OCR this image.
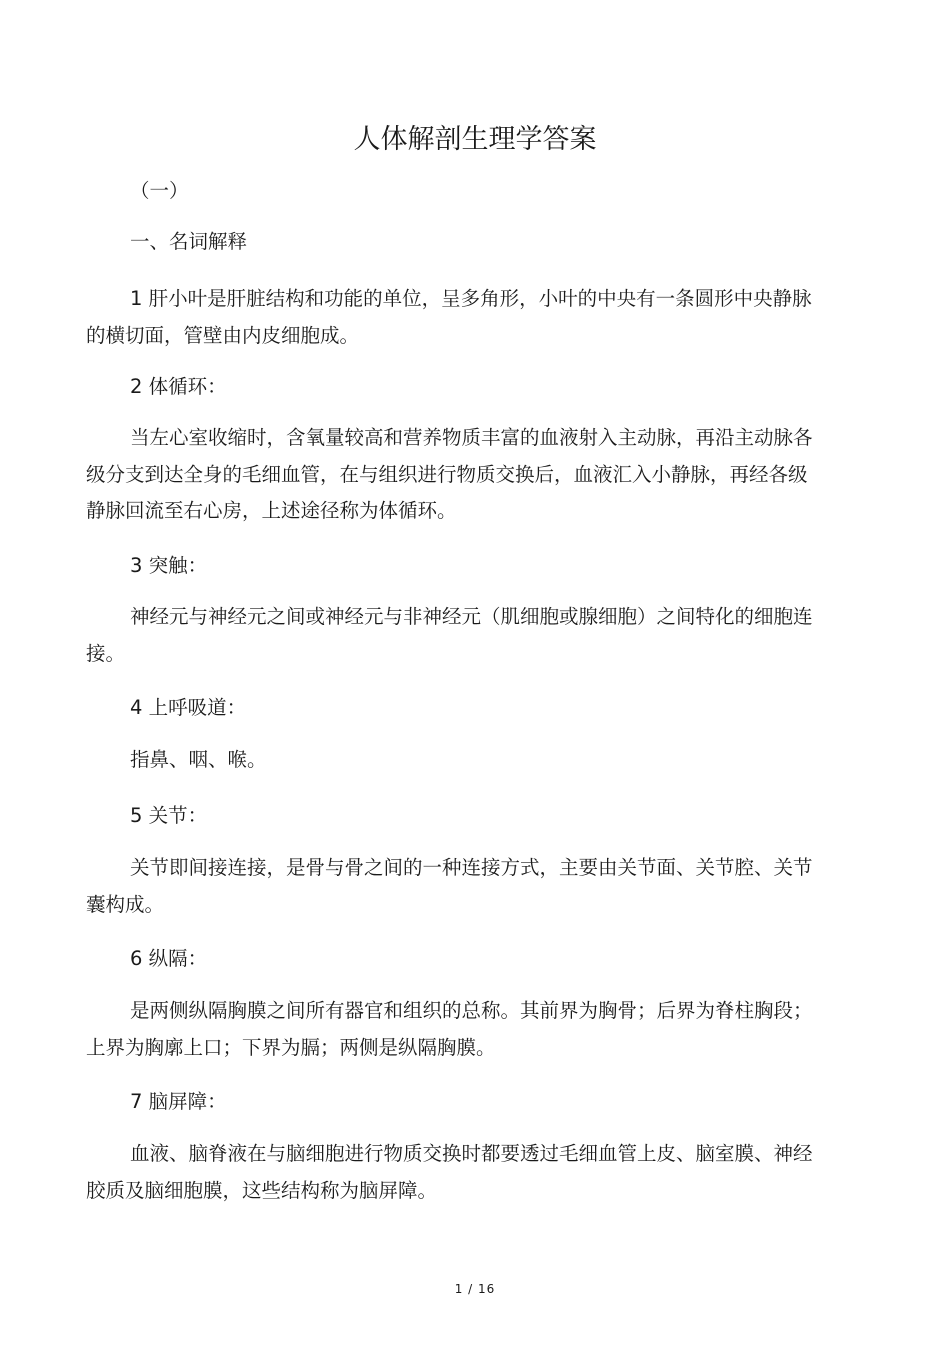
人体解剖生理学答案

（一）

一、名词解释

1 肝小叶是肝脏结构和功能的单位，呈多角形，小叶的中央有一条圆形中央静脉的横切面，管壁由内皮细胞成。

2 体循环：

当左心室收缩时，含氧量较高和营养物质丰富的血液射入主动脉，再沿主动脉各级分支到达全身的毛细血管，在与组织进行物质交换后，血液汇入小静脉，再经各级静脉回流至右心房，上述途径称为体循环。

3 突触：

神经元与神经元之间或神经元与非神经元（肌细胞或腺细胞）之间特化的细胞连接。

4 上呼吸道：

指鼻、咽、喉。

5 关节：

关节即间接连接，是骨与骨之间的一种连接方式，主要由关节面、关节腔、关节囊构成。

6 纵隔：

是两侧纵隔胸膜之间所有器官和组织的总称。其前界为胸骨；后界为脊柱胸段；上界为胸廓上口；下界为膈；两侧是纵隔胸膜。

7 脑屏障：

血液、脑脊液在与脑细胞进行物质交换时都要透过毛细血管上皮、脑室膜、神经胶质及脑细胞膜，这些结构称为脑屏障。

1 / 16
